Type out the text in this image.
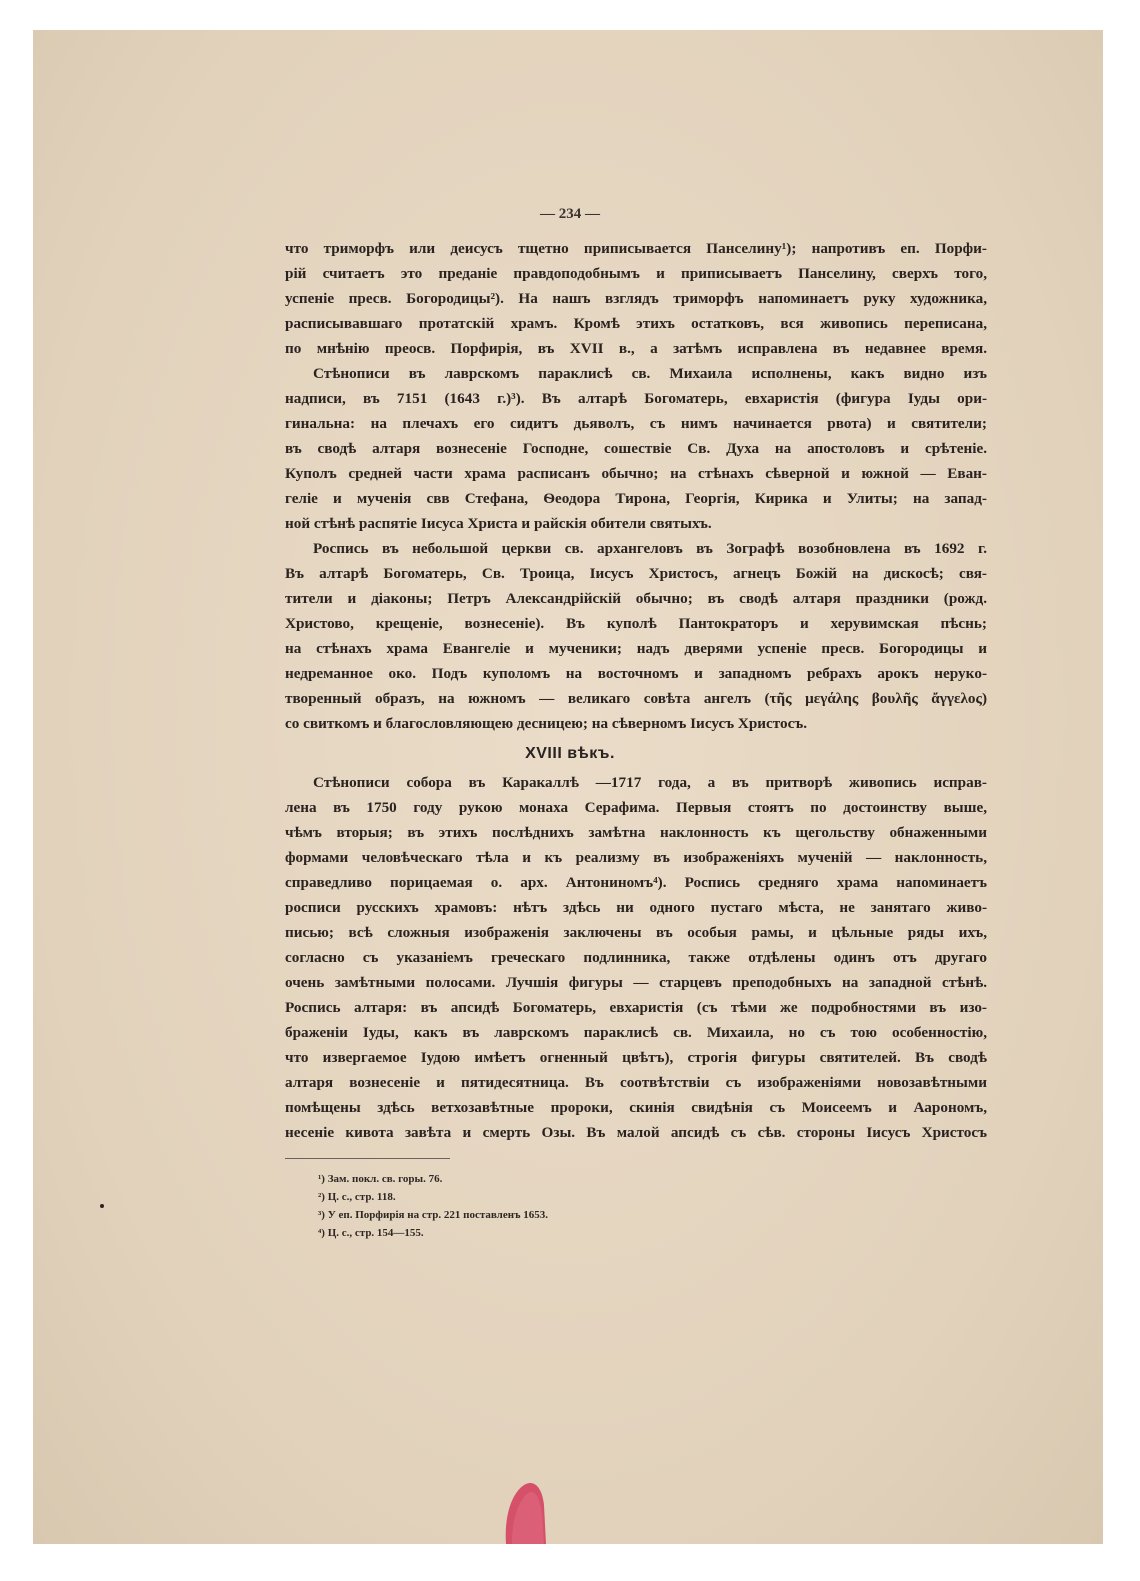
— 234 —
что триморфъ или деисусъ тщетно приписывается Панселину¹); напротивъ еп. Порфи-
рій считаетъ это преданіе правдоподобнымъ и приписываетъ Панселину, сверхъ того,
успеніе пресв. Богородицы²). На нашъ взглядъ триморфъ напоминаетъ руку художника,
расписывавшаго протатскій храмъ. Кромѣ этихъ остатковъ, вся живопись переписана,
по мнѣнію преосв. Порфирія, въ XVII в., а затѣмъ исправлена въ недавнее время.
Стѣнописи въ лаврскомъ параклисѣ св. Михаила исполнены, какъ видно изъ
надписи, въ 7151 (1643 г.)³). Въ алтарѣ Богоматерь, евхаристія (фигура Іуды ори-
гинальна: на плечахъ его сидитъ дьяволъ, съ нимъ начинается рвота) и святители;
въ сводѣ алтаря вознесеніе Господне, сошествіе Св. Духа на апостоловъ и срѣтеніе.
Куполъ средней части храма расписанъ обычно; на стѣнахъ сѣверной и южной — Еван-
геліе и мученія свв Стефана, Ѳеодора Тирона, Георгія, Кирика и Улиты; на запад-
ной стѣнѣ распятіе Іисуса Христа и райскія обители святыхъ.
Роспись въ небольшой церкви св. архангеловъ въ Зографѣ возобновлена въ 1692 г.
Въ алтарѣ Богоматерь, Св. Троица, Іисусъ Христосъ, агнецъ Божій на дискосѣ; свя-
тители и діаконы; Петръ Александрійскій обычно; въ сводѣ алтаря праздники (рожд.
Христово, крещеніе, вознесеніе). Въ куполѣ Пантократоръ и херувимская пѣснь;
на стѣнахъ храма Евангеліе и мученики; надъ дверями успеніе пресв. Богородицы и
недреманное око. Подъ куполомъ на восточномъ и западномъ ребрахъ арокъ нерукo-
творенный образъ, на южномъ — великаго совѣта ангелъ (τῆς μεγάλης βουλῆς ἄγγελος)
со свиткомъ и благословляющею десницею; на сѣверномъ Іисусъ Христосъ.
XVIII вѣкъ.
Стѣнописи собора въ Каракаллѣ —1717 года, а въ притворѣ живопись исправ-
лена въ 1750 году рукою монаха Серафима. Первыя стоятъ по достоинству выше,
чѣмъ вторыя; въ этихъ послѣднихъ замѣтна наклонность къ щегольству обнаженными
формами человѣческаго тѣла и къ реализму въ изображеніяхъ мученій — наклонность,
справедливо порицаемая о. арх. Антониномъ⁴). Роспись средняго храма напоминаетъ
росписи русскихъ храмовъ: нѣтъ здѣсь ни одного пустаго мѣста, не занятаго живо-
писью; всѣ сложныя изображенія заключены въ особыя рамы, и цѣльные ряды ихъ,
согласно съ указаніемъ греческаго подлинника, также отдѣлены одинъ отъ другаго
очень замѣтными полосами. Лучшія фигуры — старцевъ преподобныхъ на западной стѣнѣ.
Роспись алтаря: въ апсидѣ Богоматерь, евхаристія (съ тѣми же подробностями въ изо-
браженіи Іуды, какъ въ лаврскомъ параклисѣ св. Михаила, но съ тою особенностію,
что извергаемое Іудою имѣетъ огненный цвѣтъ), строгія фигуры святителей. Въ сводѣ
алтаря вознесеніе и пятидесятница. Въ соотвѣтствіи съ изображеніями новозавѣтными
помѣщены здѣсь ветхозавѣтные пророки, скинія свидѣнія съ Моисеемъ и Аарономъ,
несеніе кивота завѣта и смерть Озы. Въ малой апсидѣ съ сѣв. стороны Іисусъ Христосъ
¹) Зам. покл. св. горы. 76.
²) Ц. с., стр. 118.
³) У еп. Порфирія на стр. 221 поставленъ 1653.
⁴) Ц. с., стр. 154—155.
